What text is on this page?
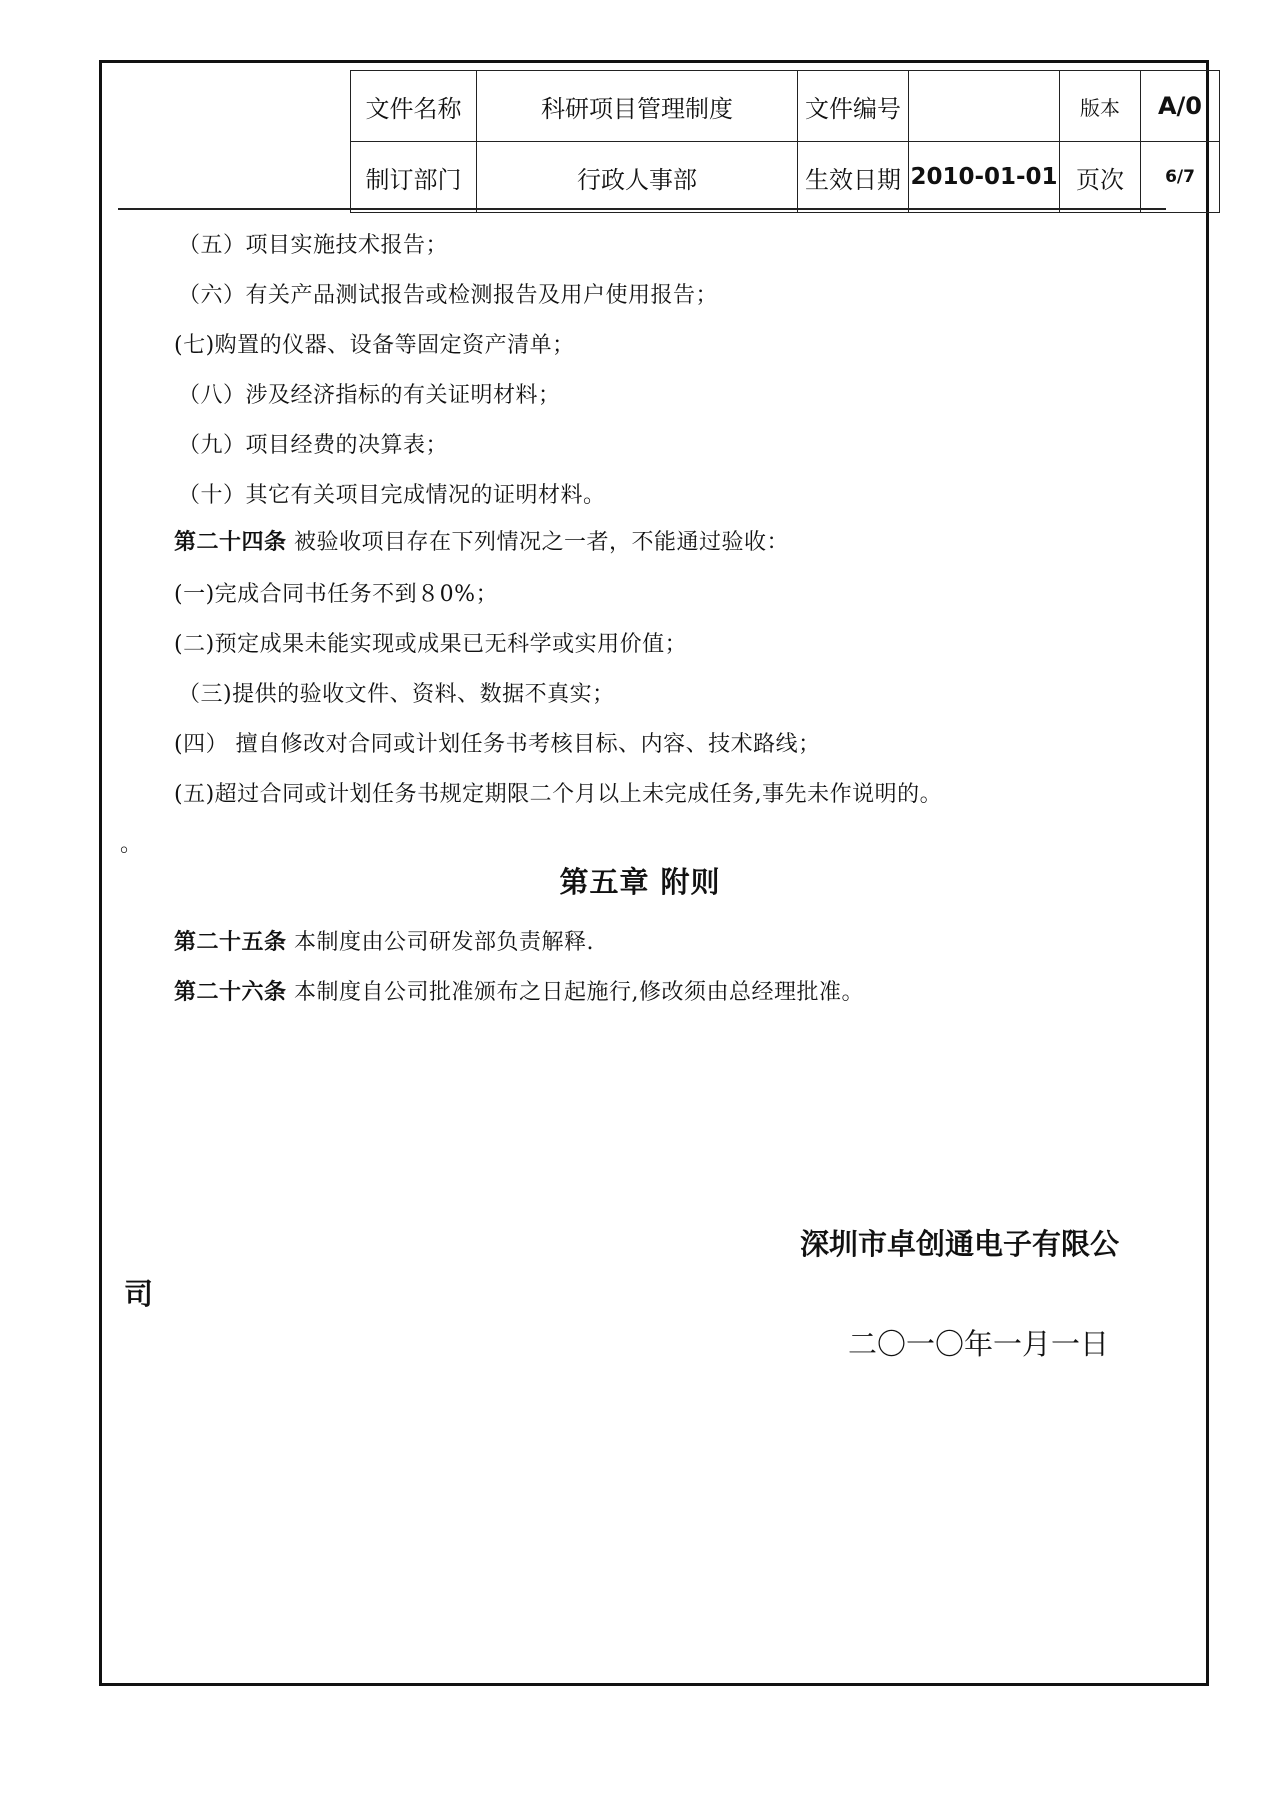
文件名称	科研项目管理制度	文件编号		版本	A/0
制订部门	行政人事部	生效日期	2010-01-01	页次	6/7
（五）项目实施技术报告；
（六）有关产品测试报告或检测报告及用户使用报告；
(七)购置的仪器、设备等固定资产清单；
（八）涉及经济指标的有关证明材料；
（九）项目经费的决算表；
（十）其它有关项目完成情况的证明材料。
第二十四条 被验收项目存在下列情况之一者，不能通过验收：
(一)完成合同书任务不到８0%；
(二)预定成果未能实现或成果已无科学或实用价值；
（三)提供的验收文件、资料、数据不真实；
(四） 擅自修改对合同或计划任务书考核目标、内容、技术路线；
(五)超过合同或计划任务书规定期限二个月以上未完成任务,事先未作说明的。
。
第五章 附则
第二十五条 本制度由公司研发部负责解释.
第二十六条 本制度自公司批准颁布之日起施行,修改须由总经理批准。
深圳市卓创通电子有限公
司
二〇一〇年一月一日
